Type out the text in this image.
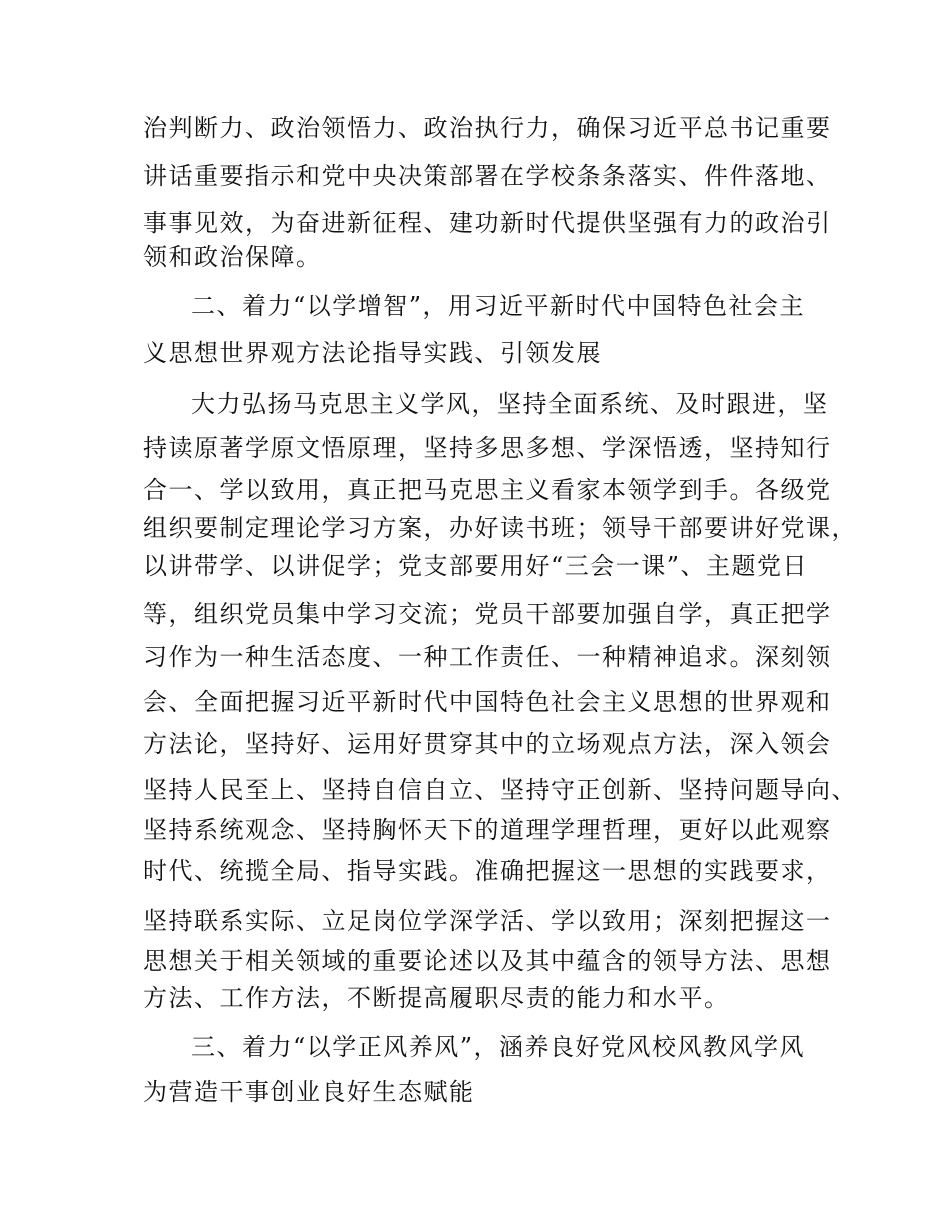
治判断力、政治领悟力、政治执行力，确保习近平总书记重要
讲话重要指示和党中央决策部署在学校条条落实、件件落地、
事事见效，为奋进新征程、建功新时代提供坚强有力的政治引
领和政治保障。
二、着力“以学增智”，用习近平新时代中国特色社会主
义思想世界观方法论指导实践、引领发展
大力弘扬马克思主义学风，坚持全面系统、及时跟进，坚
持读原著学原文悟原理，坚持多思多想、学深悟透，坚持知行
合一、学以致用，真正把马克思主义看家本领学到手。各级党
组织要制定理论学习方案，办好读书班；领导干部要讲好党课，
以讲带学、以讲促学；党支部要用好“三会一课”、主题党日
等，组织党员集中学习交流；党员干部要加强自学，真正把学
习作为一种生活态度、一种工作责任、一种精神追求。深刻领
会、全面把握习近平新时代中国特色社会主义思想的世界观和
方法论，坚持好、运用好贯穿其中的立场观点方法，深入领会
坚持人民至上、坚持自信自立、坚持守正创新、坚持问题导向、
坚持系统观念、坚持胸怀天下的道理学理哲理，更好以此观察
时代、统揽全局、指导实践。准确把握这一思想的实践要求，
坚持联系实际、立足岗位学深学活、学以致用；深刻把握这一
思想关于相关领域的重要论述以及其中蕴含的领导方法、思想
方法、工作方法，不断提高履职尽责的能力和水平。
三、着力“以学正风养风”，涵养良好党风校风教风学风
为营造干事创业良好生态赋能
